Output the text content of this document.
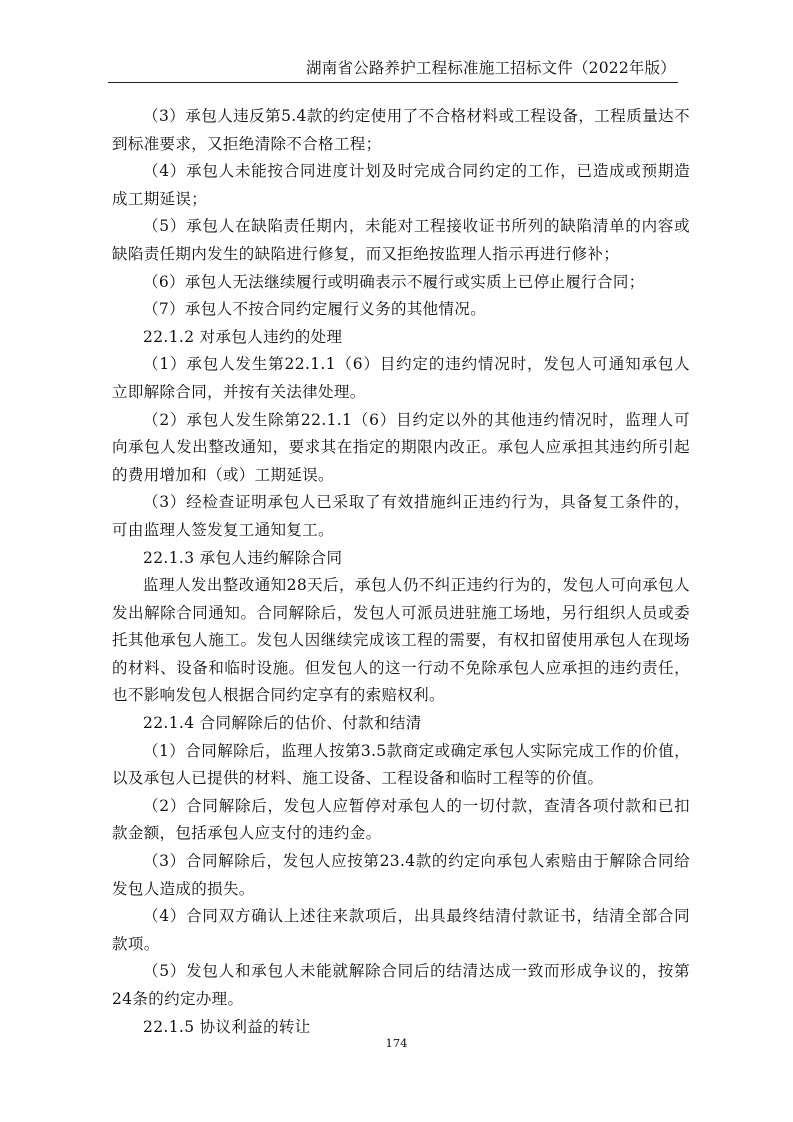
湖南省公路养护工程标准施工招标文件（2022年版）

（3）承包人违反第5.4款的约定使用了不合格材料或工程设备，工程质量达不到标准要求，又拒绝清除不合格工程；

（4）承包人未能按合同进度计划及时完成合同约定的工作，已造成或预期造成工期延误；

（5）承包人在缺陷责任期内，未能对工程接收证书所列的缺陷清单的内容或缺陷责任期内发生的缺陷进行修复，而又拒绝按监理人指示再进行修补；

（6）承包人无法继续履行或明确表示不履行或实质上已停止履行合同；

（7）承包人不按合同约定履行义务的其他情况。

22.1.2 对承包人违约的处理

（1）承包人发生第22.1.1（6）目约定的违约情况时，发包人可通知承包人立即解除合同，并按有关法律处理。

（2）承包人发生除第22.1.1（6）目约定以外的其他违约情况时，监理人可向承包人发出整改通知，要求其在指定的期限内改正。承包人应承担其违约所引起的费用增加和（或）工期延误。

（3）经检查证明承包人已采取了有效措施纠正违约行为，具备复工条件的，可由监理人签发复工通知复工。

22.1.3 承包人违约解除合同

监理人发出整改通知28天后，承包人仍不纠正违约行为的，发包人可向承包人发出解除合同通知。合同解除后，发包人可派员进驻施工场地，另行组织人员或委托其他承包人施工。发包人因继续完成该工程的需要，有权扣留使用承包人在现场的材料、设备和临时设施。但发包人的这一行动不免除承包人应承担的违约责任，也不影响发包人根据合同约定享有的索赔权利。

22.1.4 合同解除后的估价、付款和结清

（1）合同解除后，监理人按第3.5款商定或确定承包人实际完成工作的价值，以及承包人已提供的材料、施工设备、工程设备和临时工程等的价值。

（2）合同解除后，发包人应暂停对承包人的一切付款，查清各项付款和已扣款金额，包括承包人应支付的违约金。

（3）合同解除后，发包人应按第23.4款的约定向承包人索赔由于解除合同给发包人造成的损失。

（4）合同双方确认上述往来款项后，出具最终结清付款证书，结清全部合同款项。

（5）发包人和承包人未能就解除合同后的结清达成一致而形成争议的，按第24条的约定办理。

22.1.5 协议利益的转让

174
